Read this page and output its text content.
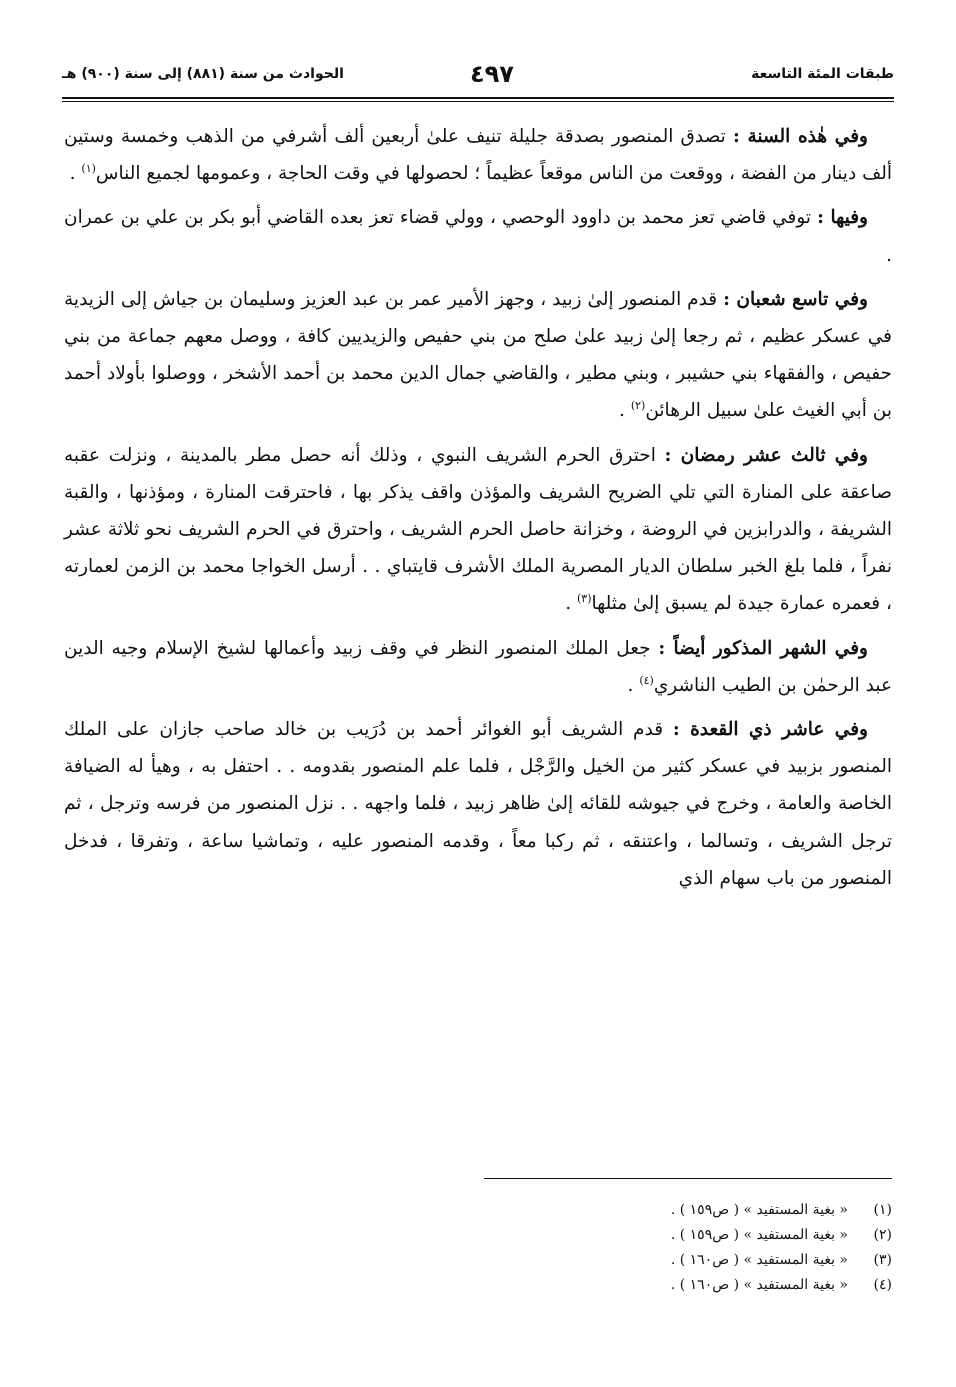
طبقات المئة التاسعة
٤٩٧
الحوادث من سنة (٨٨١) إلى سنة (٩٠٠) هـ

وفي هٰذه السنة : تصدق المنصور بصدقة جليلة تنيف علىٰ أربعين ألف أشرفي من الذهب وخمسة وستين ألف دينار من الفضة ، ووقعت من الناس موقعاً عظيماً ؛ لحصولها في وقت الحاجة ، وعمومها لجميع الناس$^{(١)}$ .

وفيها : توفي قاضي تعز محمد بن داوود الوحصي ، وولي قضاء تعز بعده القاضي أبو بكر بن علي بن عمران .

وفي تاسع شعبان : قدم المنصور إلىٰ زبيد ، وجهز الأمير عمر بن عبد العزيز وسليمان بن جياش إلى الزيدية في عسكر عظيم ، ثم رجعا إلىٰ زبيد علىٰ صلح من بني حفيص والزيديين كافة ، ووصل معهم جماعة من بني حفيص ، والفقهاء بني حشيبر ، وبني مطير ، والقاضي جمال الدين محمد بن أحمد الأشخر ، ووصلوا بأولاد أحمد بن أبي الغيث علىٰ سبيل الرهائن$^{(٢)}$ .

وفي ثالث عشر رمضان : احترق الحرم الشريف النبوي ، وذلك أنه حصل مطر بالمدينة ، ونزلت عقبه صاعقة على المنارة التي تلي الضريح الشريف والمؤذن واقف يذكر بها ، فاحترقت المنارة ، ومؤذنها ، والقبة الشريفة ، والدرابزين في الروضة ، وخزانة حاصل الحرم الشريف ، واحترق في الحرم الشريف نحو ثلاثة عشر نفراً ، فلما بلغ الخبر سلطان الديار المصرية الملك الأشرف قايتباي . . أرسل الخواجا محمد بن الزمن لعمارته ، فعمره عمارة جيدة لم يسبق إلىٰ مثلها$^{(٣)}$ .

وفي الشهر المذكور أيضاً : جعل الملك المنصور النظر في وقف زبيد وأعمالها لشيخ الإسلام وجيه الدين عبد الرحمٰن بن الطيب الناشري$^{(٤)}$ .

وفي عاشر ذي القعدة : قدم الشريف أبو الغوائر أحمد بن دُرَيب بن خالد صاحب جازان على الملك المنصور بزبيد في عسكر كثير من الخيل والرَّجْل ، فلما علم المنصور بقدومه . . احتفل به ، وهيأ له الضيافة الخاصة والعامة ، وخرج في جيوشه للقائه إلىٰ ظاهر زبيد ، فلما واجهه . . نزل المنصور من فرسه وترجل ، ثم ترجل الشريف ، وتسالما ، واعتنقه ، ثم ركبا معاً ، وقدمه المنصور عليه ، وتماشيا ساعة ، وتفرقا ، فدخل المنصور من باب سهام الذي

(١)« بغية المستفيد » ( ص١٥٩ ) .
(٢)« بغية المستفيد » ( ص١٥٩ ) .
(٣)« بغية المستفيد » ( ص١٦٠ ) .
(٤)« بغية المستفيد » ( ص١٦٠ ) .
